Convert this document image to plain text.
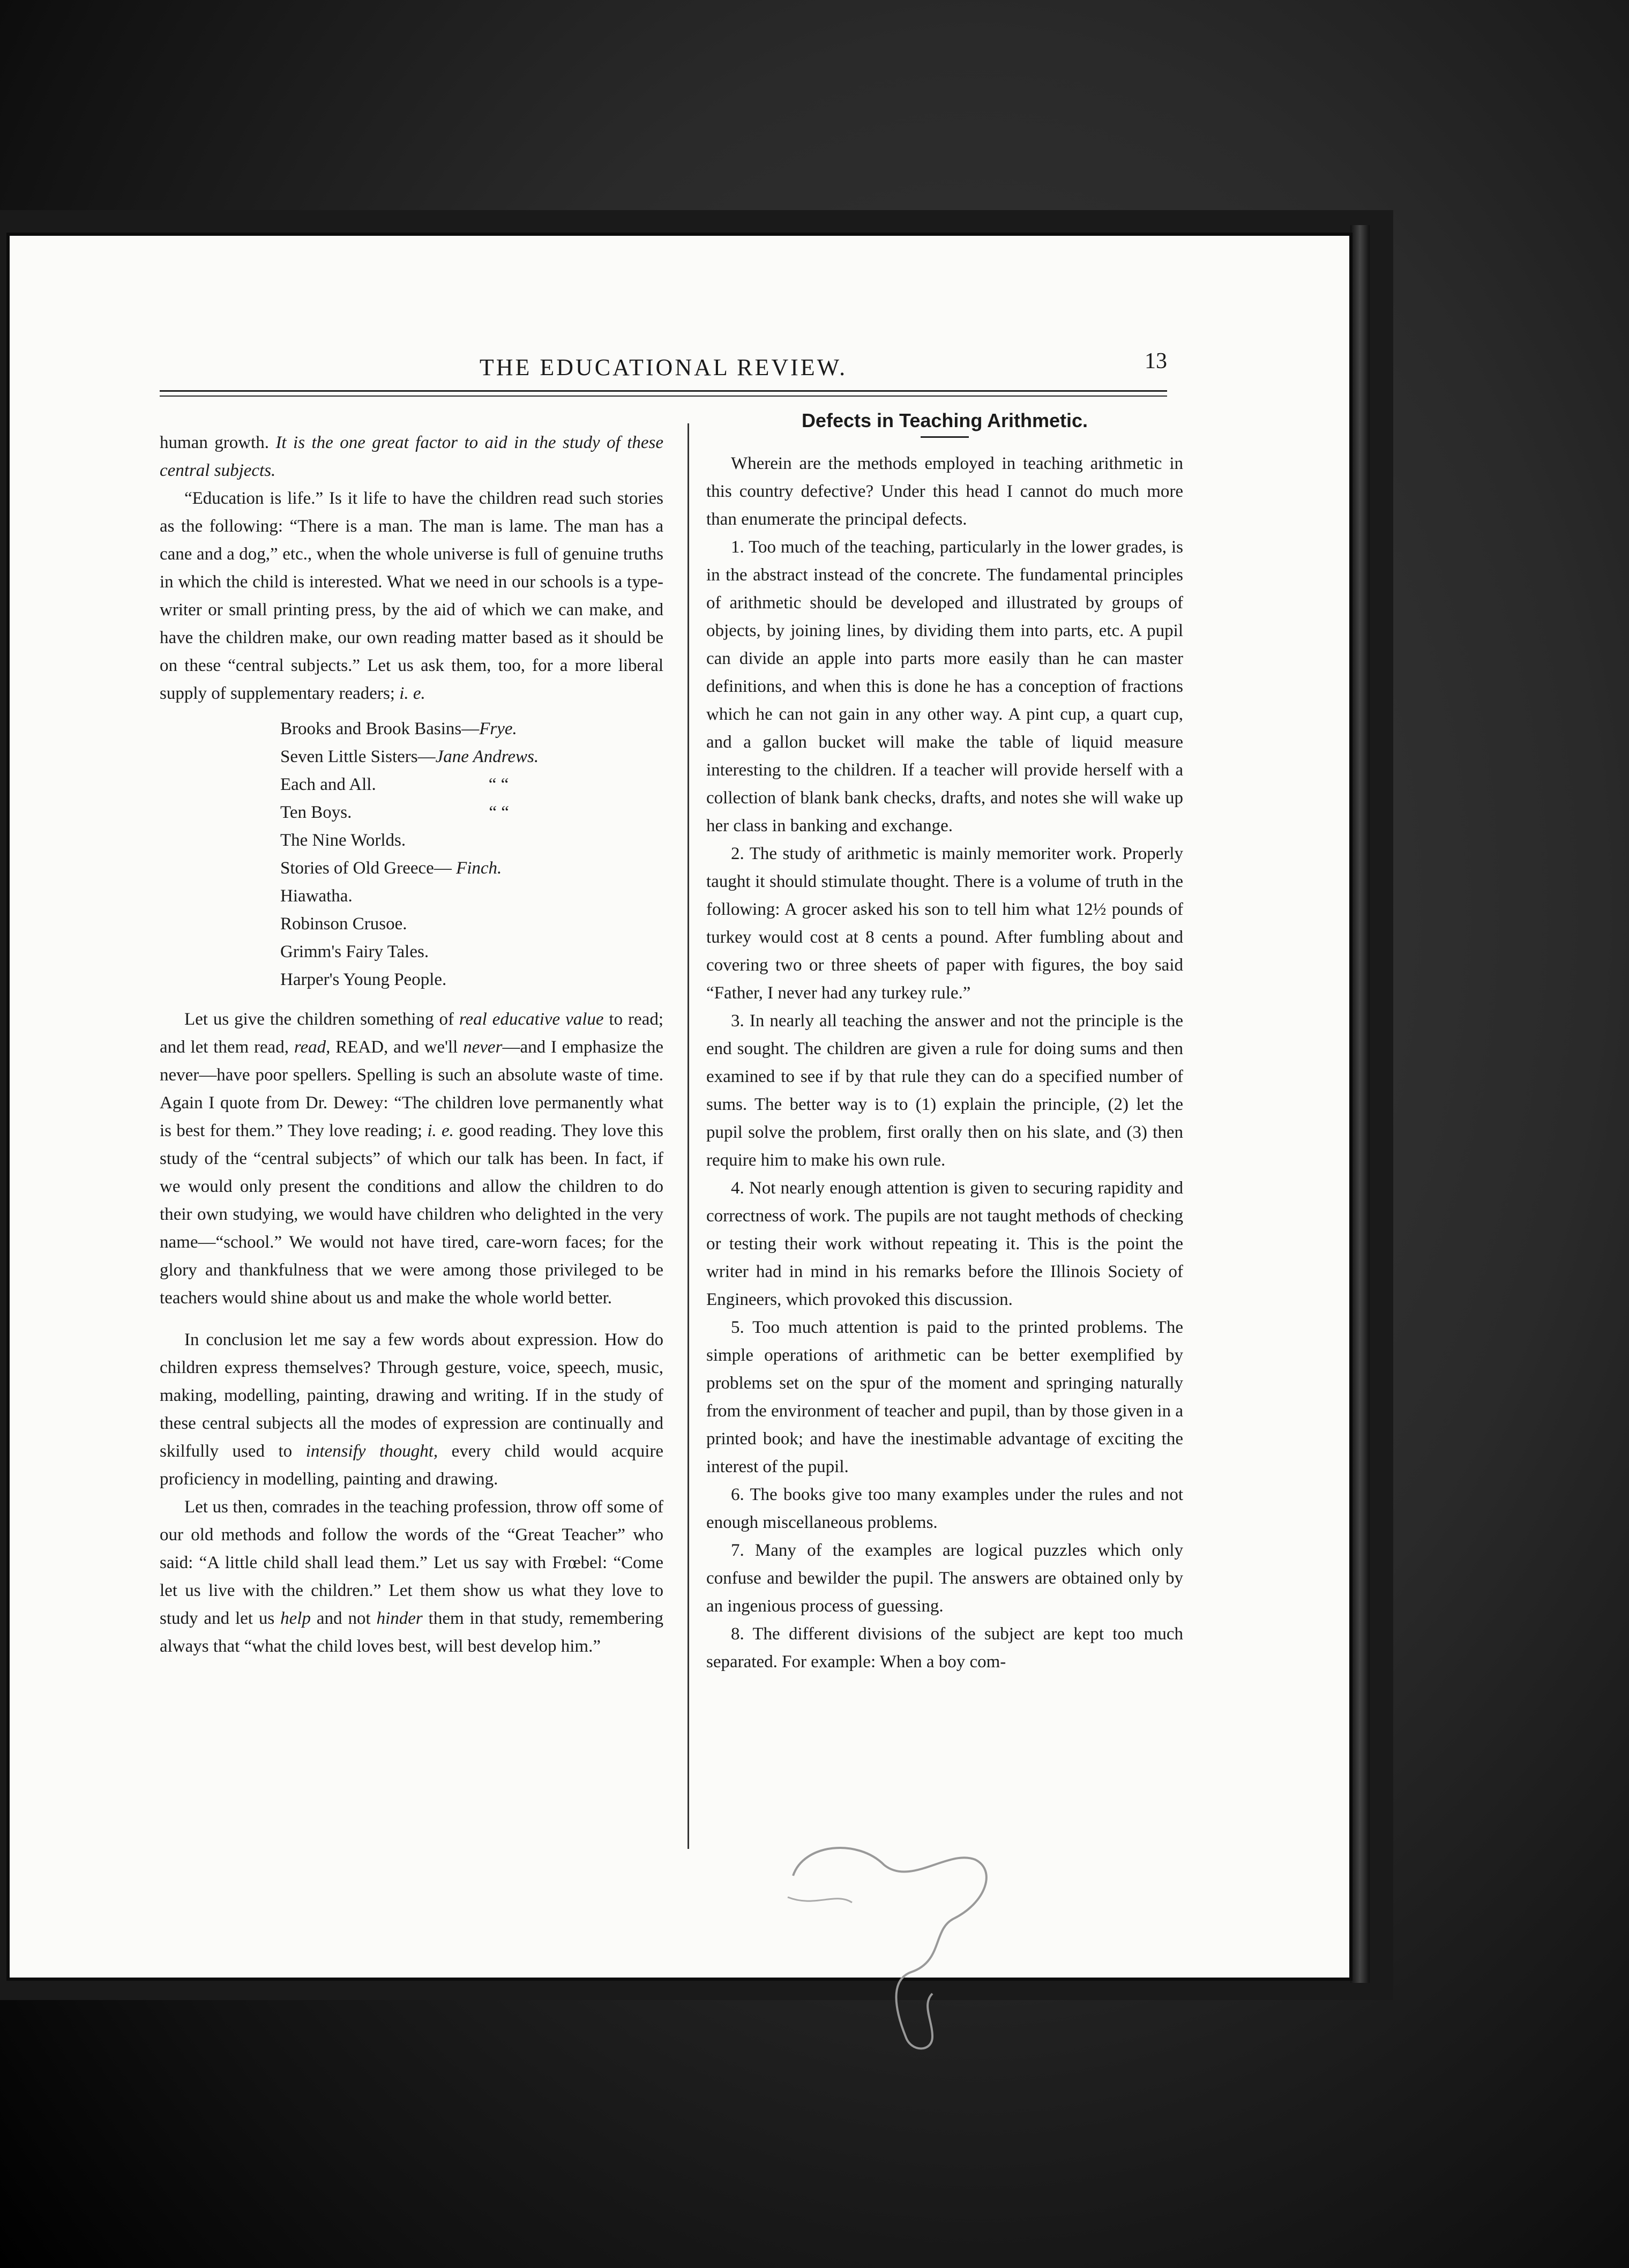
THE EDUCATIONAL REVIEW.	13

human growth. It is the one great factor to aid in the study of these central subjects.

“Education is life.” Is it life to have the children read such stories as the following: “There is a man. The man is lame. The man has a cane and a dog,” etc., when the whole universe is full of genuine truths in which the child is interested. What we need in our schools is a type-writer or small printing press, by the aid of which we can make, and have the children make, our own reading matter based as it should be on these “central subjects.” Let us ask them, too, for a more liberal supply of supplementary readers; i. e.

Brooks and Brook Basins—Frye.
Seven Little Sisters—Jane Andrews.
Each and All.	“ “
Ten Boys.	“ “
The Nine Worlds.
Stories of Old Greece— Finch.
Hiawatha.
Robinson Crusoe.
Grimm's Fairy Tales.
Harper's Young People.

Let us give the children something of real educative value to read; and let them read, read, READ, and we'll never—and I emphasize the never—have poor spellers. Spelling is such an absolute waste of time. Again I quote from Dr. Dewey: “The children love permanently what is best for them.” They love reading; i. e. good reading. They love this study of the “central subjects” of which our talk has been. In fact, if we would only present the conditions and allow the children to do their own studying, we would have children who delighted in the very name—“school.” We would not have tired, care-worn faces; for the glory and thankfulness that we were among those privileged to be teachers would shine about us and make the whole world better.

In conclusion let me say a few words about expression. How do children express themselves? Through gesture, voice, speech, music, making, modelling, painting, drawing and writing. If in the study of these central subjects all the modes of expression are continually and skilfully used to intensify thought, every child would acquire proficiency in modelling, painting and drawing.

Let us then, comrades in the teaching profession, throw off some of our old methods and follow the words of the “Great Teacher” who said: “A little child shall lead them.” Let us say with Frœbel: “Come let us live with the children.” Let them show us what they love to study and let us help and not hinder them in that study, remembering always that “what the child loves best, will best develop him.”

Defects in Teaching Arithmetic.

Wherein are the methods employed in teaching arithmetic in this country defective? Under this head I cannot do much more than enumerate the principal defects.

1. Too much of the teaching, particularly in the lower grades, is in the abstract instead of the concrete. The fundamental principles of arithmetic should be developed and illustrated by groups of objects, by joining lines, by dividing them into parts, etc. A pupil can divide an apple into parts more easily than he can master definitions, and when this is done he has a conception of fractions which he can not gain in any other way. A pint cup, a quart cup, and a gallon bucket will make the table of liquid measure interesting to the children. If a teacher will provide herself with a collection of blank bank checks, drafts, and notes she will wake up her class in banking and exchange.

2. The study of arithmetic is mainly memoriter work. Properly taught it should stimulate thought. There is a volume of truth in the following: A grocer asked his son to tell him what 12½ pounds of turkey would cost at 8 cents a pound. After fumbling about and covering two or three sheets of paper with figures, the boy said “Father, I never had any turkey rule.”

3. In nearly all teaching the answer and not the principle is the end sought. The children are given a rule for doing sums and then examined to see if by that rule they can do a specified number of sums. The better way is to (1) explain the principle, (2) let the pupil solve the problem, first orally then on his slate, and (3) then require him to make his own rule.

4. Not nearly enough attention is given to securing rapidity and correctness of work. The pupils are not taught methods of checking or testing their work without repeating it. This is the point the writer had in mind in his remarks before the Illinois Society of Engineers, which provoked this discussion.

5. Too much attention is paid to the printed problems. The simple operations of arithmetic can be better exemplified by problems set on the spur of the moment and springing naturally from the environment of teacher and pupil, than by those given in a printed book; and have the inestimable advantage of exciting the interest of the pupil.

6. The books give too many examples under the rules and not enough miscellaneous problems.

7. Many of the examples are logical puzzles which only confuse and bewilder the pupil. The answers are obtained only by an ingenious process of guessing.

8. The different divisions of the subject are kept too much separated. For example: When a boy com-
